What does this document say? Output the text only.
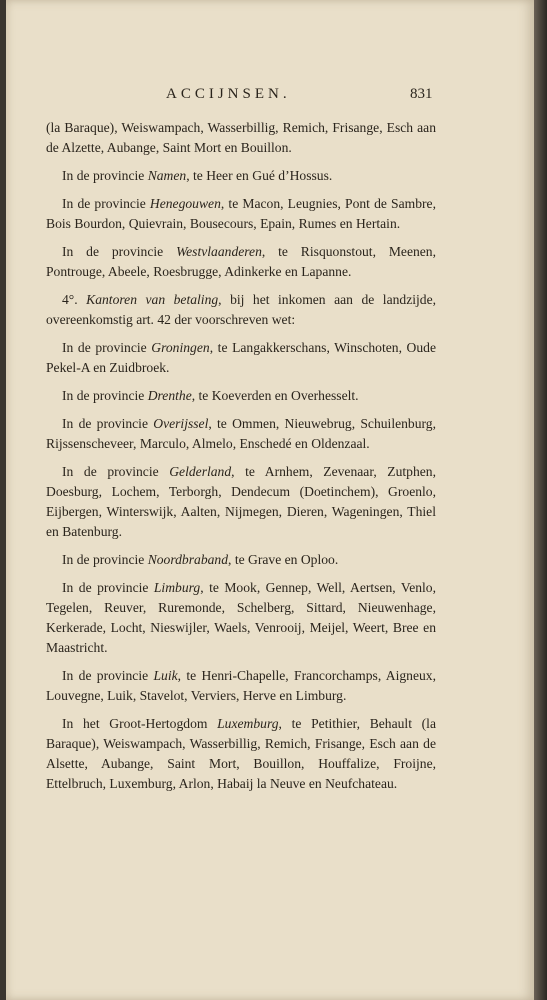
ACCIJNSEN.	831

(la Baraque), Weiswampach, Wasserbillig, Remich, Frisange, Esch aan de Alzette, Aubange, Saint Mort en Bouillon.

In de provincie Namen, te Heer en Gué d’Hossus.

In de provincie Henegouwen, te Macon, Leugnies, Pont de Sambre, Bois Bourdon, Quievrain, Bousecours, Epain, Rumes en Hertain.

In de provincie Westvlaanderen, te Risquonstout, Meenen, Pontrouge, Abeele, Roesbrugge, Adinkerke en Lapanne.

4°. Kantoren van betaling, bij het inkomen aan de landzijde, overeenkomstig art. 42 der voorschreven wet:

In de provincie Groningen, te Langakkerschans, Winschoten, Oude Pekel-A en Zuidbroek.

In de provincie Drenthe, te Koeverden en Overhesselt.

In de provincie Overijssel, te Ommen, Nieuwebrug, Schuilenburg, Rijssenscheveer, Marculo, Almelo, Enschedé en Oldenzaal.

In de provincie Gelderland, te Arnhem, Zevenaar, Zutphen, Doesburg, Lochem, Terborgh, Dendecum (Doetinchem), Groenlo, Eijbergen, Winterswijk, Aalten, Nijmegen, Dieren, Wageningen, Thiel en Batenburg.

In de provincie Noordbraband, te Grave en Oploo.

In de provincie Limburg, te Mook, Gennep, Well, Aertsen, Venlo, Tegelen, Reuver, Ruremonde, Schelberg, Sittard, Nieuwenhage, Kerkerade, Locht, Nieswijler, Waels, Venrooij, Meijel, Weert, Bree en Maastricht.

In de provincie Luik, te Henri-Chapelle, Francorchamps, Aigneux, Louvegne, Luik, Stavelot, Verviers, Herve en Limburg.

In het Groot-Hertogdom Luxemburg, te Petithier, Behault (la Baraque), Weiswampach, Wasserbillig, Remich, Frisange, Esch aan de Alsette, Aubange, Saint Mort, Bouillon, Houffalize, Froijne, Ettelbruch, Luxemburg, Arlon, Habaij la Neuve en Neufchateau.
